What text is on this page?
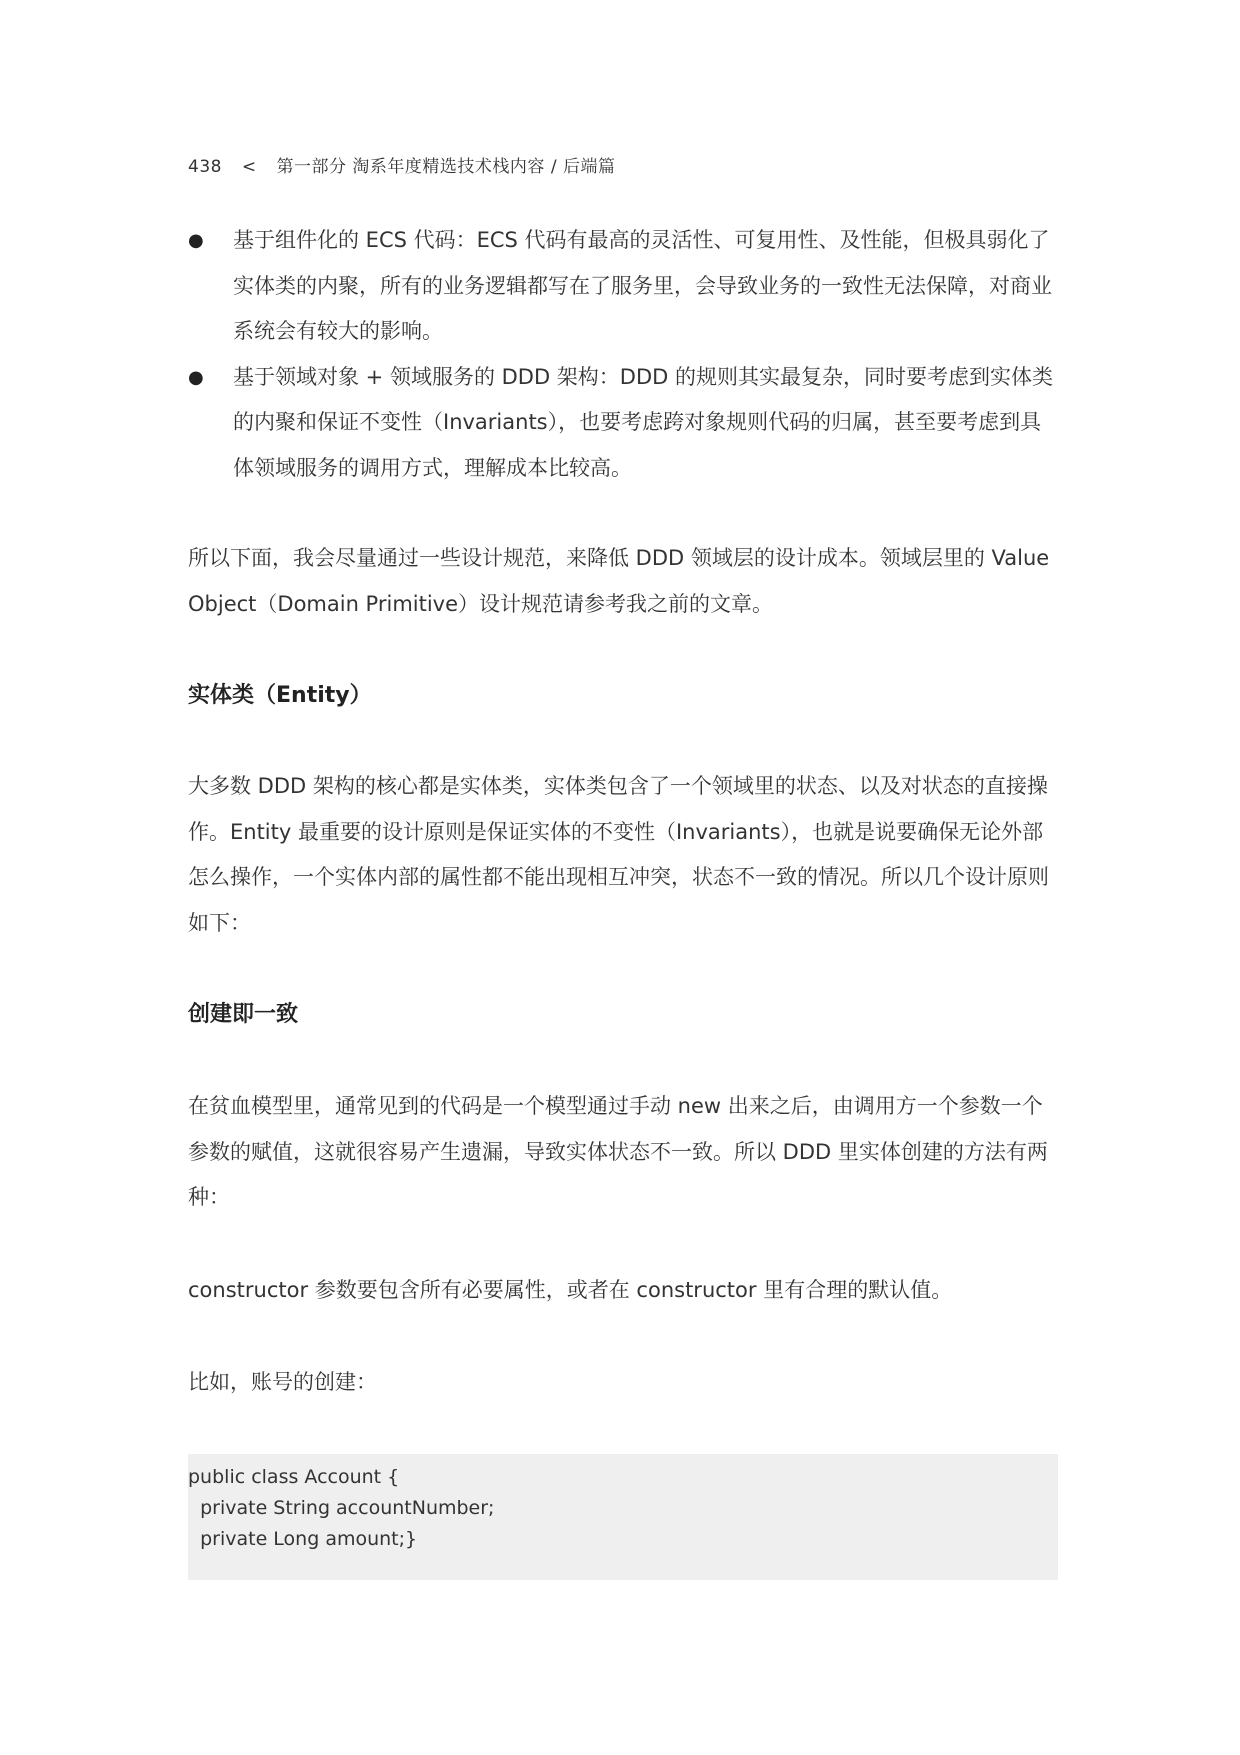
438 < 第一部分 淘系年度精选技术栈内容 / 后端篇
● 基于组件化的 ECS 代码：ECS 代码有最高的灵活性、可复用性、及性能，但极具弱化了实体类的内聚，所有的业务逻辑都写在了服务里，会导致业务的一致性无法保障，对商业系统会有较大的影响。
● 基于领域对象 + 领域服务的 DDD 架构：DDD 的规则其实最复杂，同时要考虑到实体类的内聚和保证不变性（Invariants），也要考虑跨对象规则代码的归属，甚至要考虑到具体领域服务的调用方式，理解成本比较高。

所以下面，我会尽量通过一些设计规范，来降低 DDD 领域层的设计成本。领域层里的 Value Object（Domain Primitive）设计规范请参考我之前的文章。

实体类（Entity）

大多数 DDD 架构的核心都是实体类，实体类包含了一个领域里的状态、以及对状态的直接操作。Entity 最重要的设计原则是保证实体的不变性（Invariants），也就是说要确保无论外部怎么操作，一个实体内部的属性都不能出现相互冲突，状态不一致的情况。所以几个设计原则如下：

创建即一致

在贫血模型里，通常见到的代码是一个模型通过手动 new 出来之后，由调用方一个参数一个参数的赋值，这就很容易产生遗漏，导致实体状态不一致。所以 DDD 里实体创建的方法有两种：

constructor 参数要包含所有必要属性，或者在 constructor 里有合理的默认值。

比如，账号的创建：

public class Account {
private String accountNumber;
private Long amount;}
